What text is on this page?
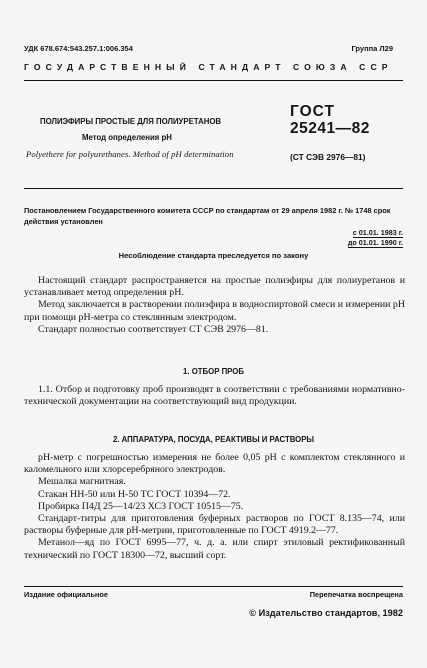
УДК 678.674:543.257.1:006.354	Группа Л29
ГОСУДАРСТВЕННЫЙ СТАНДАРТ СОЮЗА ССР
ПОЛИЭФИРЫ ПРОСТЫЕ ДЛЯ ПОЛИУРЕТАНОВ
Метод определения pH
Polyethere for polyurethanes. Method of pH determination
ГОСТ
25241—82
(СТ СЭВ 2976—81)
Постановлением Государственного комитета СССР по стандартам от 29 апреля 1982 г. № 1748 срок действия установлен
с 01.01. 1983 г.
до 01.01. 1990 г.
Несоблюдение стандарта преследуется по закону

Настоящий стандарт распространяется на простые полиэфиры для полиуретанов и устанавливает метод определения pH.

Метод заключается в растворении полиэфира в водноспиртовой смеси и измерении pH при помощи pH-метра со стеклянным электродом.

Стандарт полностью соответствует СТ СЭВ 2976—81.

1. ОТБОР ПРОБ

1.1. Отбор и подготовку проб производят в соответствии с требованиями нормативно-технической документации на соответствующий вид продукции.

2. АППАРАТУРА, ПОСУДА, РЕАКТИВЫ И РАСТВОРЫ

pH-метр с погрешностью измерения не более 0,05 pH с комплектом стеклянного и каломельного или хлорсеребряного электродов.

Мешалка магнитная.

Стакан НН-50 или Н-50 ТС ГОСТ 10394—72.

Пробирка П4Д 25—14/23 ХС3 ГОСТ 10515—75.

Стандарт-титры для приготовления буферных растворов по ГОСТ 8.135—74, или растворы буферные для pH-метрии, приготовленные по ГОСТ 4919.2—77.

Метанол—яд по ГОСТ 6995—77, ч. д. а. или спирт этиловый ректификованный технический по ГОСТ 18300—72, высший сорт.

Издание официальное	Перепечатка воспрещена
© Издательство стандартов, 1982
